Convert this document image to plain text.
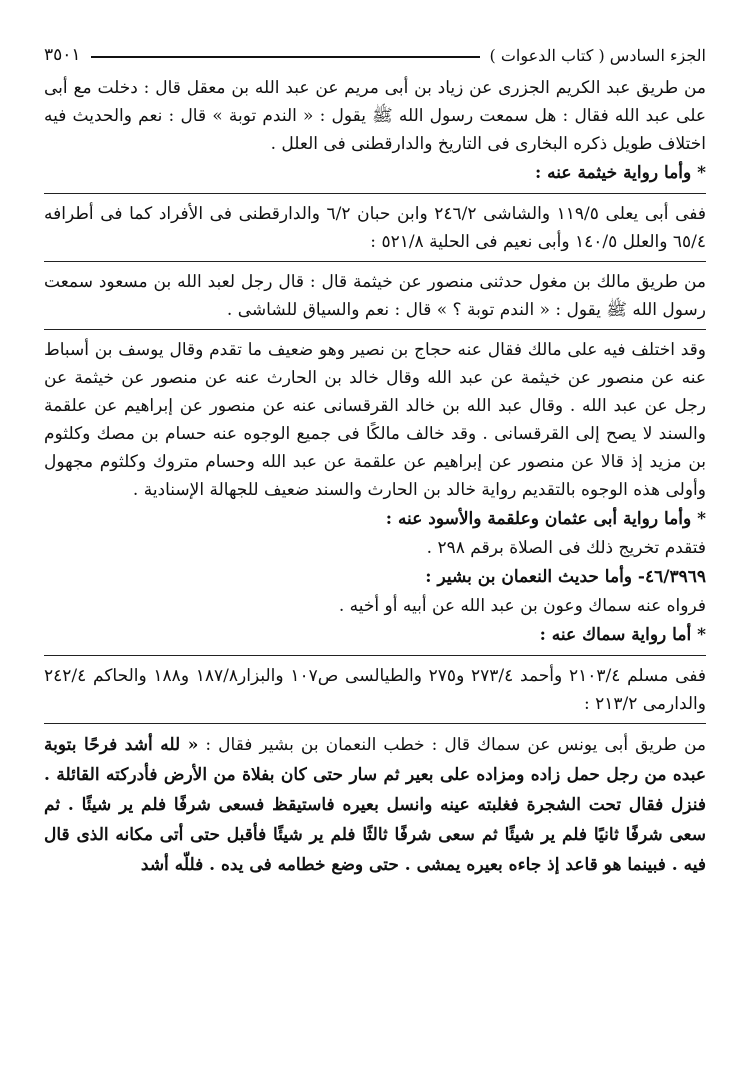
الجزء السادس ( كتاب الدعوات )
٣٥٠١

من طريق عبد الكريم الجزرى عن زياد بن أبى مريم عن عبد الله بن معقل قال : دخلت مع أبى على عبد الله فقال : هل سمعت رسول الله ﷺ يقول : « الندم توبة » قال : نعم والحديث فيه اختلاف طويل ذكره البخارى فى التاريخ والدارقطنى فى العلل .

* وأما رواية خيثمة عنه :

ففى أبى يعلى ١١٩/٥ والشاشى ٢٤٦/٢ وابن حبان ٦/٢ والدارقطنى فى الأفراد كما فى أطرافه ٦٥/٤ والعلل ١٤٠/٥ وأبى نعيم فى الحلية ٥٢١/٨ :

من طريق مالك بن مغول حدثنى منصور عن خيثمة قال : قال رجل لعبد الله بن مسعود سمعت رسول الله ﷺ يقول : « الندم توبة ؟ » قال : نعم والسياق للشاشى .

وقد اختلف فيه على مالك فقال عنه حجاج بن نصير وهو ضعيف ما تقدم وقال يوسف بن أسباط عنه عن منصور عن خيثمة عن عبد الله وقال خالد بن الحارث عنه عن منصور عن خيثمة عن رجل عن عبد الله . وقال عبد الله بن خالد القرقسانى عنه عن منصور عن إبراهيم عن علقمة والسند لا يصح إلى القرقسانى . وقد خالف مالكًا فى جميع الوجوه عنه حسام بن مصك وكلثوم بن مزيد إذ قالا عن منصور عن إبراهيم عن علقمة عن عبد الله وحسام متروك وكلثوم مجهول وأولى هذه الوجوه بالتقديم رواية خالد بن الحارث والسند ضعيف للجهالة الإسنادية .

* وأما رواية أبى عثمان وعلقمة والأسود عنه :

فتقدم تخريج ذلك فى الصلاة برقم ٢٩٨ .

٤٦/٣٩٦٩- وأما حديث النعمان بن بشير :

فرواه عنه سماك وعون بن عبد الله عن أبيه أو أخيه .

* أما رواية سماك عنه :

ففى مسلم ٢١٠٣/٤ وأحمد ٢٧٣/٤ و٢٧٥ والطيالسى ص١٠٧ والبزار١٨٧/٨ و١٨٨ والحاكم ٢٤٢/٤ والدارمى ٢١٣/٢ :

من طريق أبى يونس عن سماك قال : خطب النعمان بن بشير فقال : « لله أشد فرحًا بتوبة عبده من رجل حمل زاده ومزاده على بعير ثم سار حتى كان بفلاة من الأرض فأدركته القائلة . فنزل فقال تحت الشجرة فغلبته عينه وانسل بعيره فاستيقظ فسعى شرفًا فلم ير شيئًا . ثم سعى شرفًا ثانيًا فلم ير شيئًا ثم سعى شرفًا ثالثًا فلم ير شيئًا فأقبل حتى أتى مكانه الذى قال فيه . فبينما هو قاعد إذ جاءه بعيره يمشى . حتى وضع خطامه فى يده . فللّه أشد
